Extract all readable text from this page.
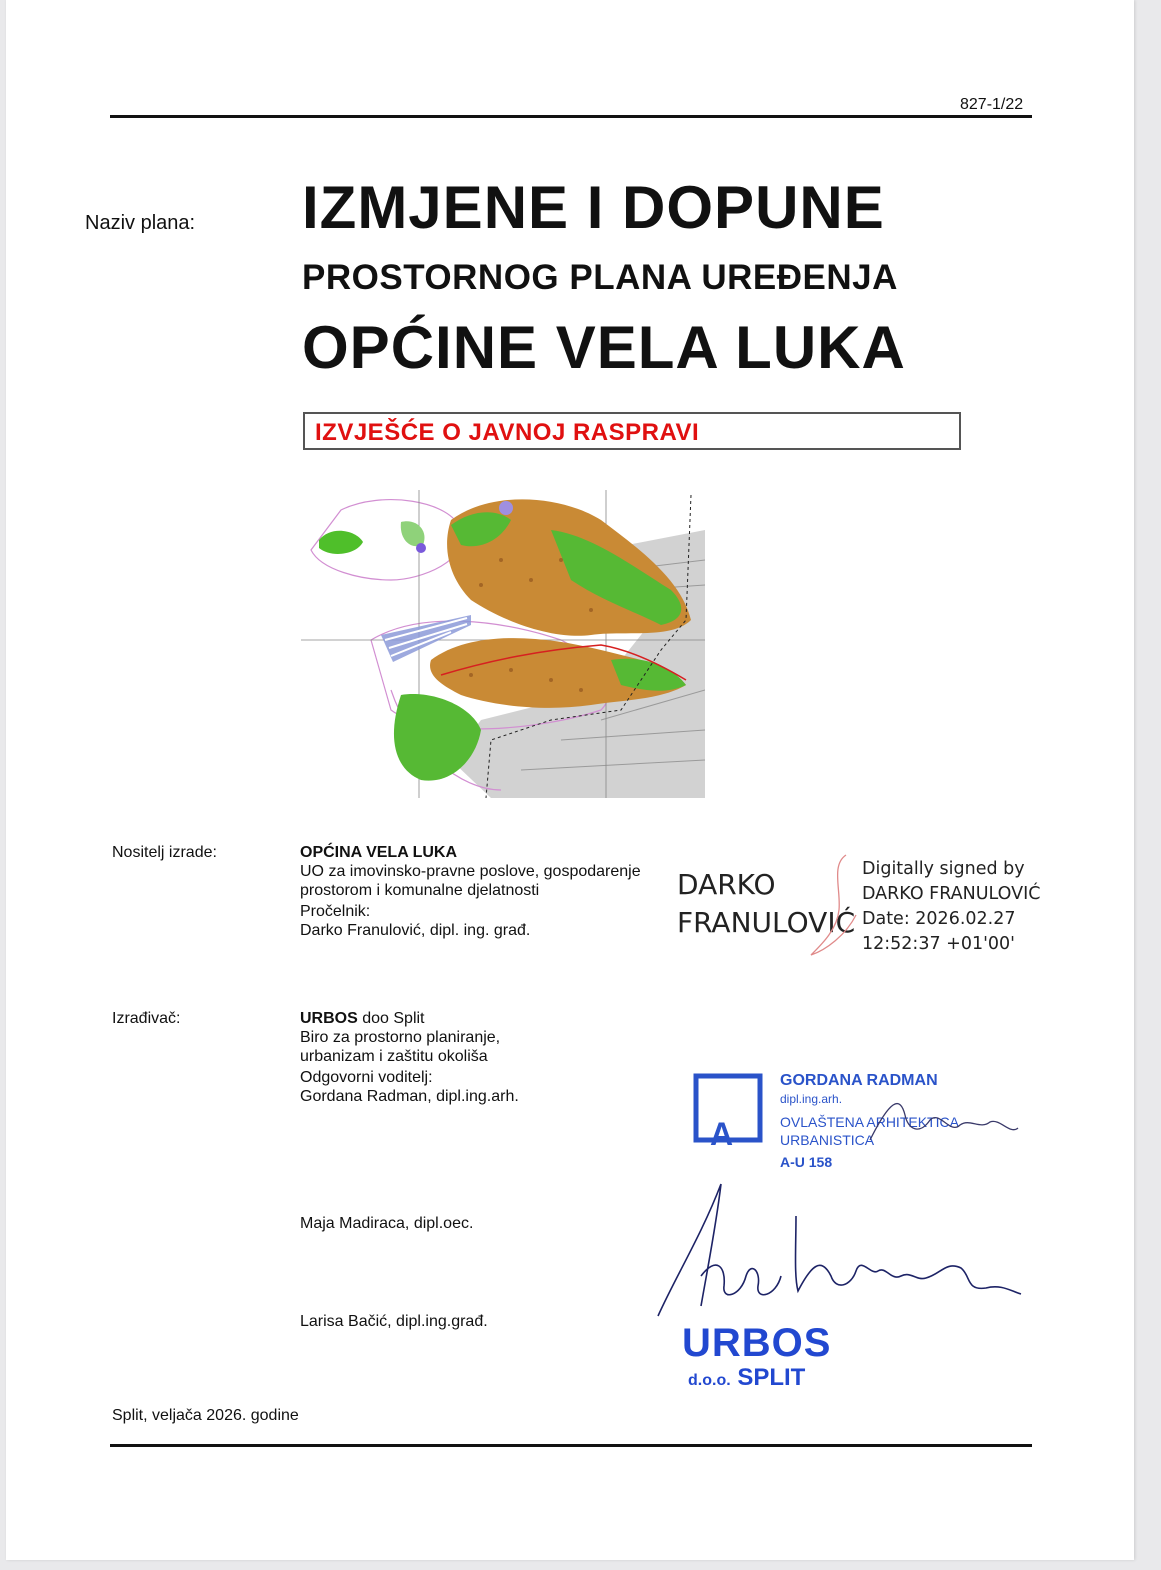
827-1/22
Naziv plana: IZMJENE I DOPUNE
PROSTORNOG PLANA UREĐENJA
OPĆINE VELA LUKA
IZVJEŠĆE O JAVNOJ RASPRAVI
Nositelj izrade:	OPĆINA VELA LUKA
UO za imovinsko-pravne poslove, gospodarenje
prostorom i komunalne djelatnosti
Pročelnik:
Darko Franulović, dipl. ing. građ.
DARKO
FRANULOVIĆ
Digitally signed by
DARKO FRANULOVIĆ
Date: 2026.02.27
12:52:37 +01'00'
Izrađivač:	URBOS doo Split
Biro za prostorno planiranje,
urbanizam i zaštitu okoliša
Odgovorni voditelj:
Gordana Radman, dipl.ing.arh.
Maja Madiraca, dipl.oec.
Larisa Bačić, dipl.ing.građ.
A
GORDANA RADMAN
dipl.ing.arh.
OVLAŠTENA ARHITEKTICA
URBANISTICA
A-U 158
URBOS
d.o.o. SPLIT
Split, veljača 2026. godine
